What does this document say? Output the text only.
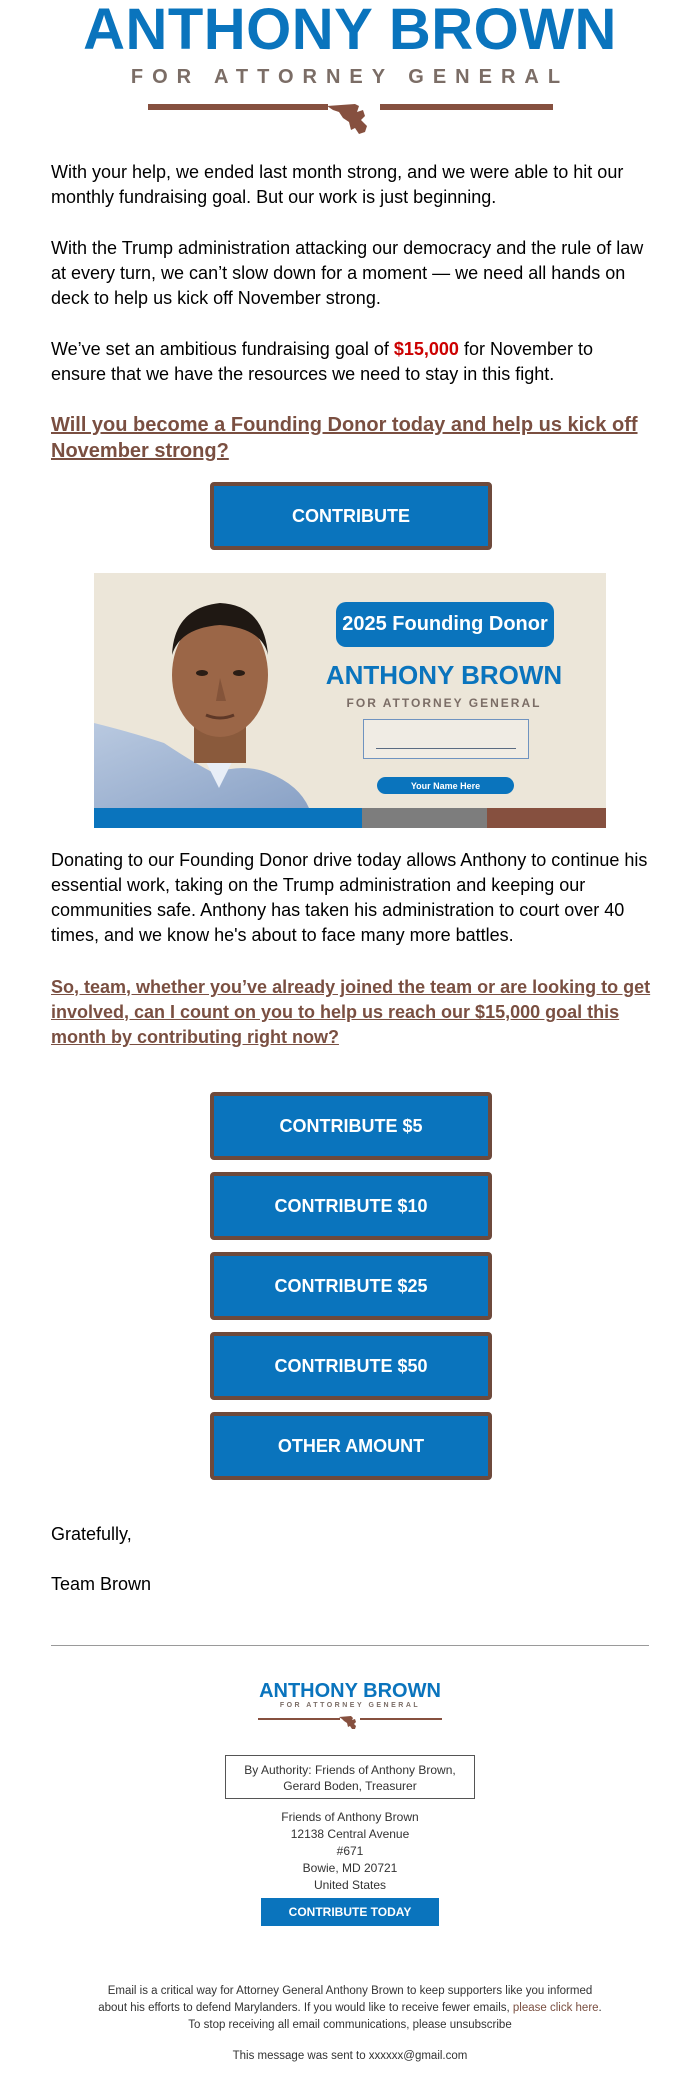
ANTHONY BROWN
FOR ATTORNEY GENERAL

With your help, we ended last month strong, and we were able to hit our monthly fundraising goal. But our work is just beginning.

With the Trump administration attacking our democracy and the rule of law at every turn, we can’t slow down for a moment — we need all hands on deck to help us kick off November strong.

We’ve set an ambitious fundraising goal of $15,000 for November to ensure that we have the resources we need to stay in this fight.

Will you become a Founding Donor today and help us kick off November strong?

CONTRIBUTE
2025 Founding Donor
ANTHONY BROWN
FOR ATTORNEY GENERAL
Your Name Here

Donating to our Founding Donor drive today allows Anthony to continue his essential work, taking on the Trump administration and keeping our communities safe. Anthony has taken his administration to court over 40 times, and we know he's about to face many more battles.

So, team, whether you’ve already joined the team or are looking to get involved, can I count on you to help us reach our $15,000 goal this month by contributing right now?

CONTRIBUTE $5
CONTRIBUTE $10
CONTRIBUTE $25
CONTRIBUTE $50
OTHER AMOUNT

Gratefully,

Team Brown

ANTHONY BROWN
FOR ATTORNEY GENERAL
By Authority: Friends of Anthony Brown,
Gerard Boden, Treasurer
Friends of Anthony Brown
12138 Central Avenue
#671
Bowie, MD 20721
United States
CONTRIBUTE TODAY
Email is a critical way for Attorney General Anthony Brown to keep supporters like you informed
about his efforts to defend Marylanders. If you would like to receive fewer emails, please click here.
To stop receiving all email communications, please unsubscribe
This message was sent to xxxxxx@gmail.com
